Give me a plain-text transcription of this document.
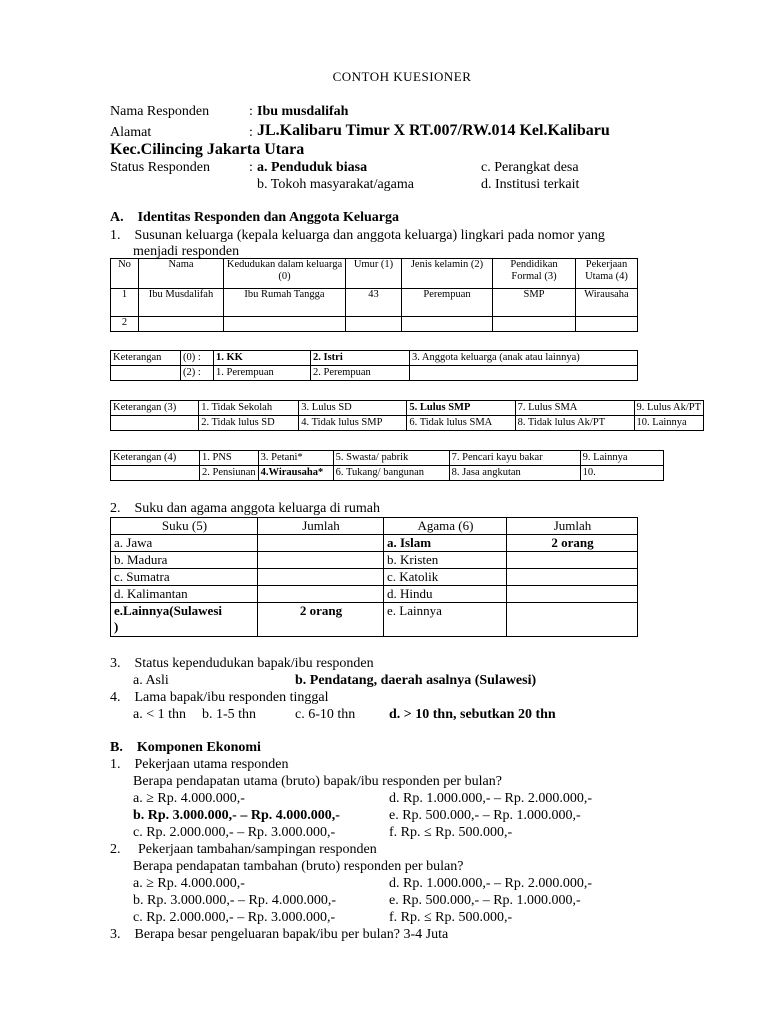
CONTOH KUESIONER
Nama Responden	: Ibu musdalifah
Alamat	: JL.Kalibaru Timur X RT.007/RW.014 Kel.Kalibaru
Kec.Cilincing Jakarta Utara
Status Responden	: a. Penduduk biasa
b. Tokoh masyarakat/agama
c. Perangkat desa
d. Institusi terkait
A. Identitas Responden dan Anggota Keluarga
1. Susunan keluarga (kepala keluarga dan anggota keluarga) lingkari pada nomor yang
menjadi responden
No	Nama	Kedudukan dalam keluarga (0)	Umur (1)	Jenis kelamin (2)	Pendidikan Formal (3)	Pekerjaan Utama (4)
1	Ibu Musdalifah	Ibu Rumah Tangga	43	Perempuan	SMP	Wirausaha
2						
Keterangan	(0) :	1. KK	2. Istri	3. Anggota keluarga (anak atau lainnya)
	(2) :	1. Perempuan	2. Perempuan	
Keterangan (3)	1. Tidak Sekolah	3. Lulus SD	5. Lulus SMP	7. Lulus SMA	9. Lulus Ak/PT
	2. Tidak lulus SD	4. Tidak lulus SMP	6. Tidak lulus SMA	8. Tidak lulus Ak/PT	10. Lainnya
Keterangan (4)	1. PNS	3. Petani*	5. Swasta/ pabrik	7. Pencari kayu bakar	9. Lainnya
	2. Pensiunan	4.Wirausaha*	6. Tukang/ bangunan	8. Jasa angkutan	10.
2. Suku dan agama anggota keluarga di rumah
Suku (5)	Jumlah	Agama (6)	Jumlah
a. Jawa		a. Islam	2 orang
b. Madura		b. Kristen	
c. Sumatra		c. Katolik	
d. Kalimantan		d. Hindu	
e.Lainnya(Sulawesi
)	2 orang	e. Lainnya	
3. Status kependudukan bapak/ibu responden
a. Asli	b. Pendatang, daerah asalnya (Sulawesi)
4. Lama bapak/ibu responden tinggal
a. < 1 thn b. 1-5 thn	c. 6-10 thn d. > 10 thn, sebutkan 20 thn
B. Komponen Ekonomi
1. Pekerjaan utama responden
Berapa pendapatan utama (bruto) bapak/ibu responden per bulan?
a. ≥ Rp. 4.000.000,-
b. Rp. 3.000.000,- – Rp. 4.000.000,-
c. Rp. 2.000.000,- – Rp. 3.000.000,-
d. Rp. 1.000.000,- – Rp. 2.000.000,-
e. Rp. 500.000,- – Rp. 1.000.000,-
f. Rp. ≤ Rp. 500.000,-
2.  Pekerjaan tambahan/sampingan responden
Berapa pendapatan tambahan (bruto) responden per bulan?
a. ≥ Rp. 4.000.000,-
b. Rp. 3.000.000,- – Rp. 4.000.000,-
c. Rp. 2.000.000,- – Rp. 3.000.000,-
d. Rp. 1.000.000,- – Rp. 2.000.000,-
e. Rp. 500.000,- – Rp. 1.000.000,-
f. Rp. ≤ Rp. 500.000,-
3. Berapa besar pengeluaran bapak/ibu per bulan? 3-4 Juta
